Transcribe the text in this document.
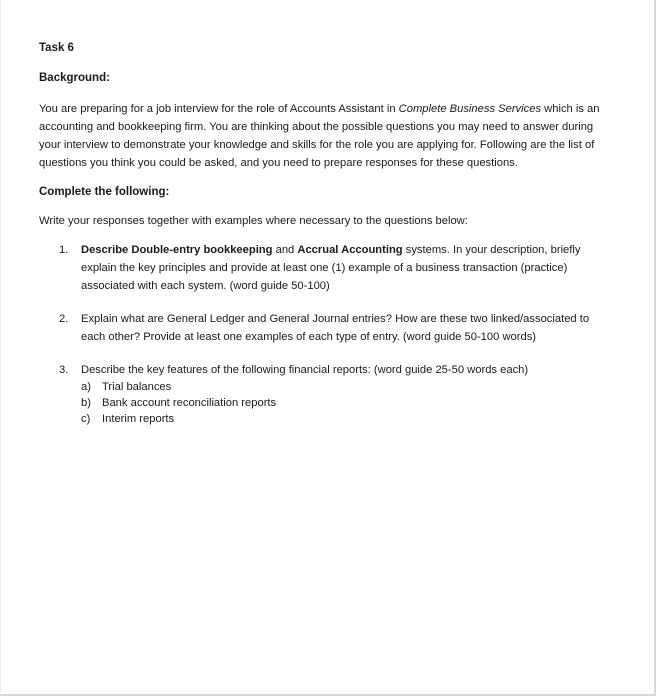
Task 6

Background:

You are preparing for a job interview for the role of Accounts Assistant in Complete Business Services which is an accounting and bookkeeping firm. You are thinking about the possible questions you may need to answer during your interview to demonstrate your knowledge and skills for the role you are applying for. Following are the list of questions you think you could be asked, and you need to prepare responses for these questions.

Complete the following:

Write your responses together with examples where necessary to the questions below:

1. Describe Double-entry bookkeeping and Accrual Accounting systems. In your description, briefly explain the key principles and provide at least one (1) example of a business transaction (practice) associated with each system. (word guide 50-100)
2. Explain what are General Ledger and General Journal entries? How are these two linked/associated to each other? Provide at least one examples of each type of entry. (word guide 50-100 words)
3. Describe the key features of the following financial reports: (word guide 25-50 words each)
a) Trial balances
b) Bank account reconciliation reports
c) Interim reports
